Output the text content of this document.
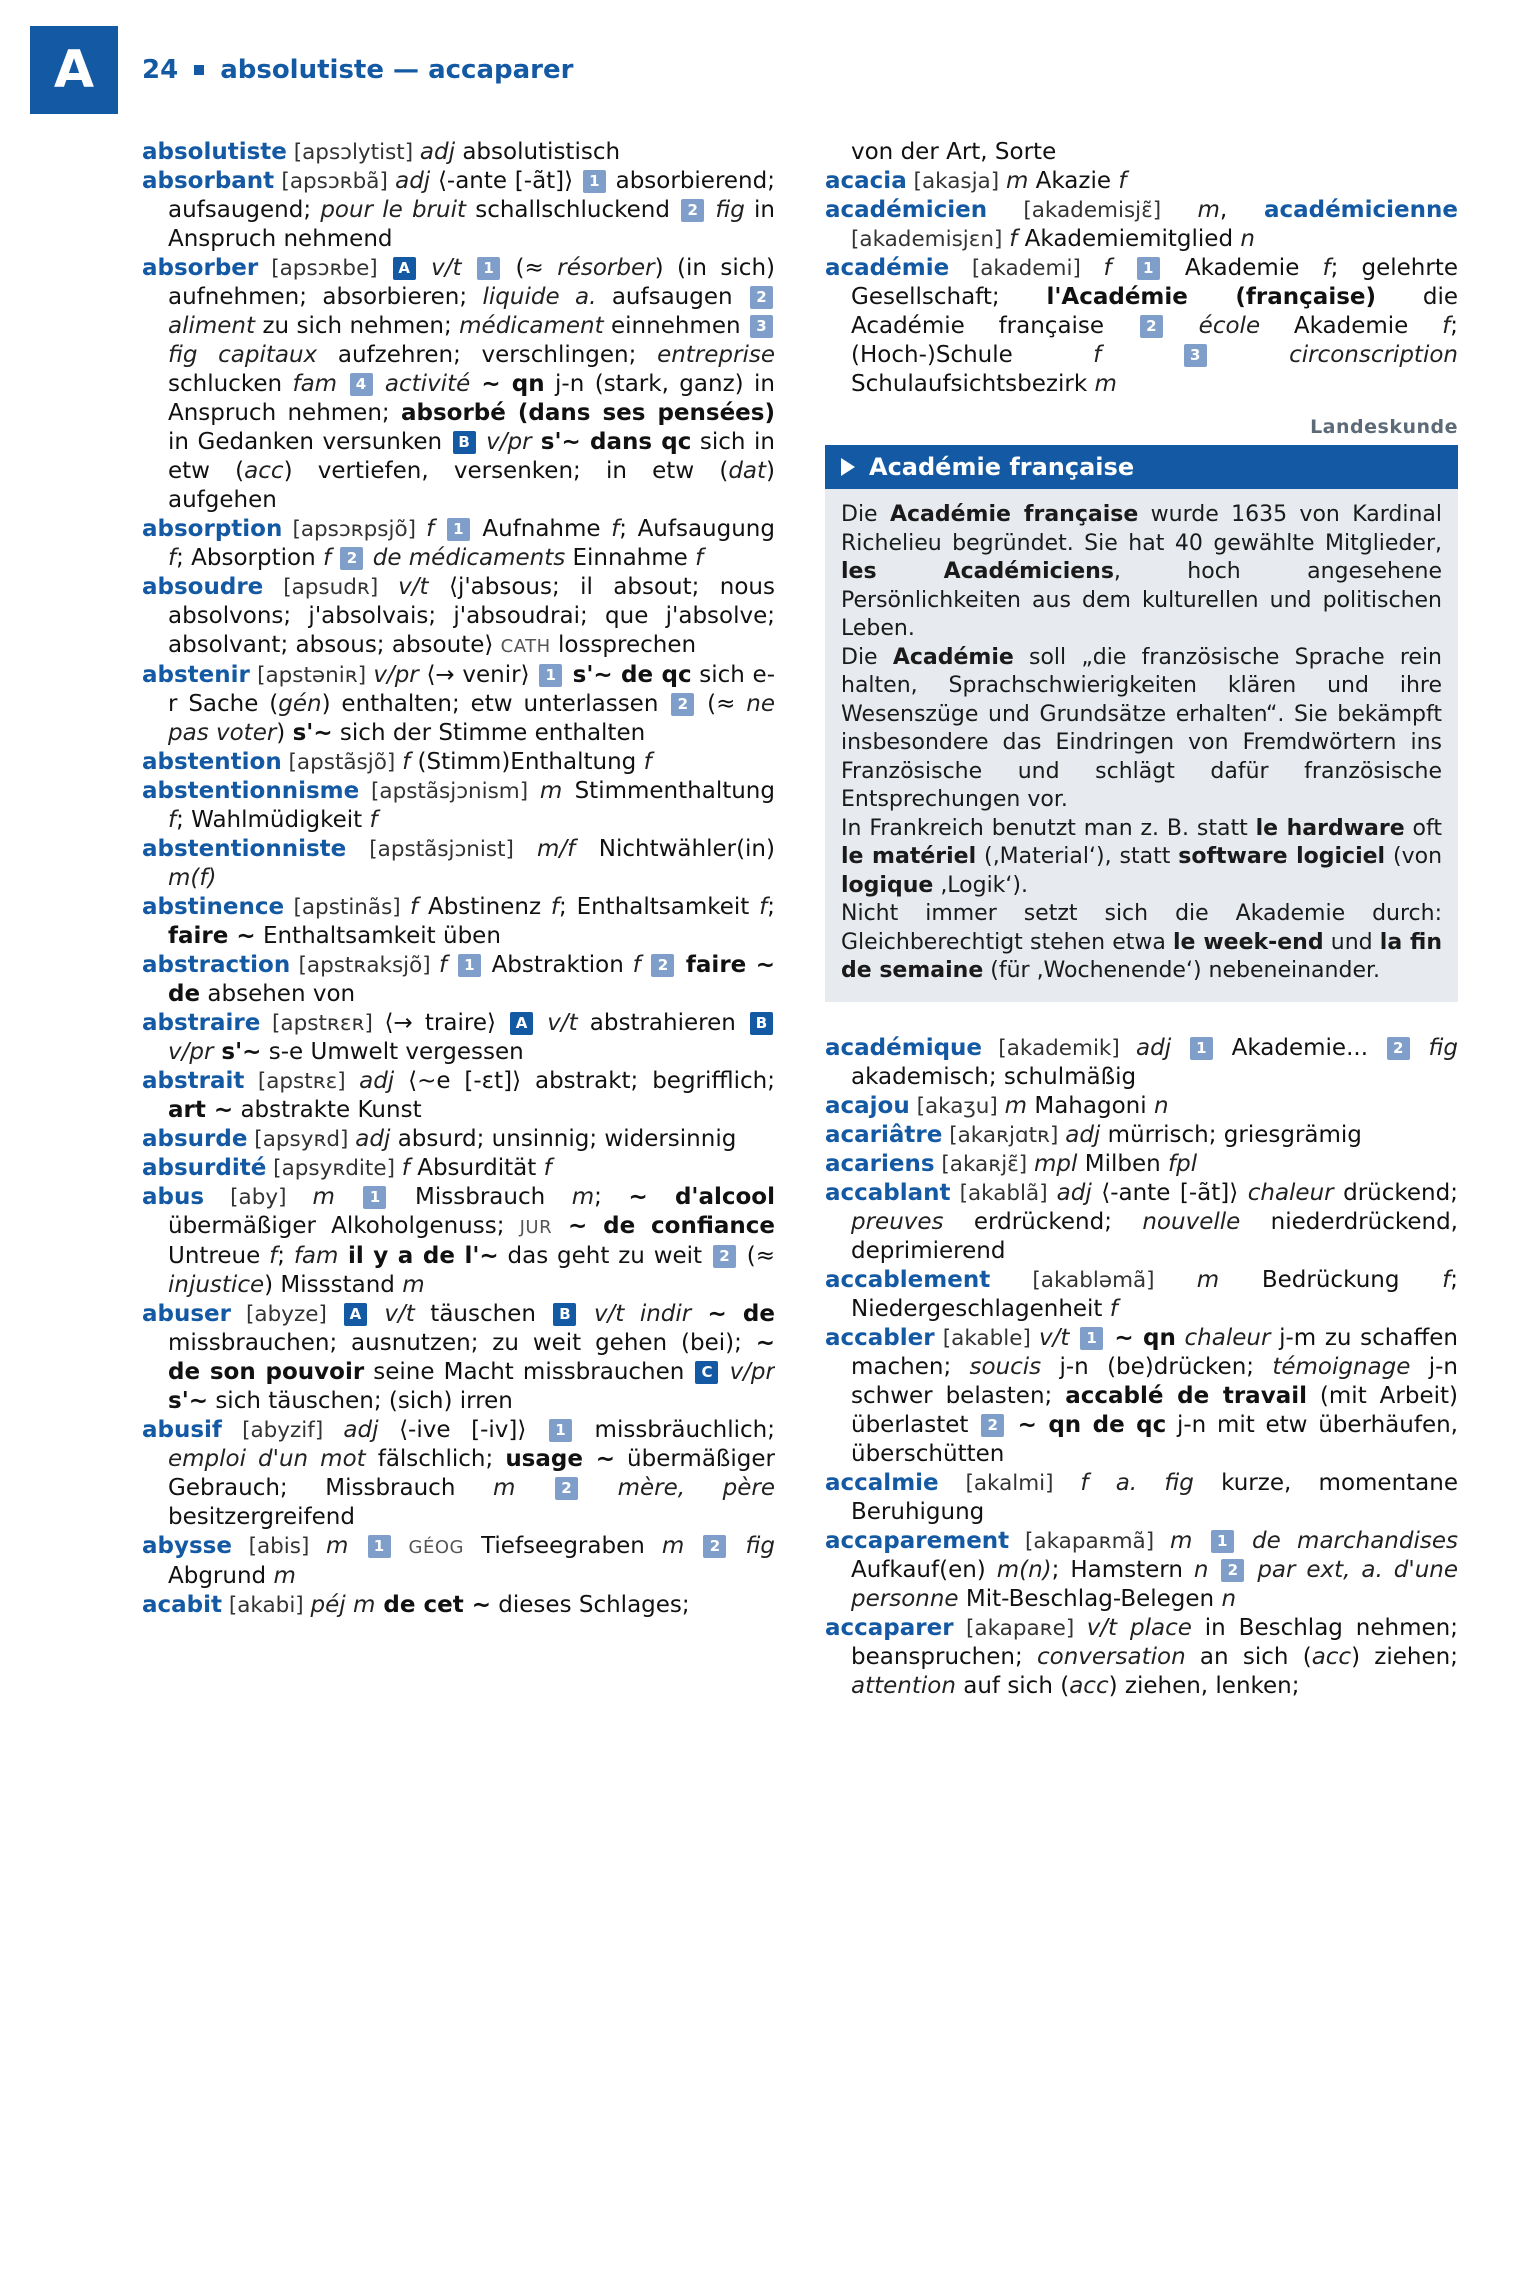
A 24 absolutiste — accaparer

absolutiste [apsɔlytist] adj absolutistisch

absorbant [apsɔʀbã] adj ⟨-ante [-ãt]⟩ 1 absorbierend; aufsaugend; pour le bruit schallschluckend 2 fig in Anspruch nehmend

absorber [apsɔʀbe] A v/t 1 (≈ résorber) (in sich) aufnehmen; absorbieren; liquide a. aufsaugen 2 aliment zu sich nehmen; médicament einnehmen 3 fig capitaux aufzehren; verschlingen; entreprise schlucken fam 4 activité ~ qn j-n (stark, ganz) in Anspruch nehmen; absorbé (dans ses pensées) in Gedanken versunken B v/pr s'~ dans qc sich in etw (acc) vertiefen, versenken; in etw (dat) aufgehen

absorption [apsɔʀpsjõ] f 1 Aufnahme f; Aufsaugung f; Absorption f 2 de médicaments Einnahme f

absoudre [apsudʀ] v/t ⟨j'absous; il absout; nous absolvons; j'absolvais; j'absoudrai; que j'absolve; absolvant; absous; absoute⟩ CATH lossprechen

abstenir [apstəniʀ] v/pr ⟨→ venir⟩ 1 s'~ de qc sich e-r Sache (gén) enthalten; etw unterlassen 2 (≈ ne pas voter) s'~ sich der Stimme enthalten

abstention [apstãsjõ] f (Stimm)Enthaltung f

abstentionnisme [apstãsjɔnism] m Stimmenthaltung f; Wahlmüdigkeit f

abstentionniste [apstãsjɔnist] m/f Nichtwähler(in) m(f)

abstinence [apstinãs] f Abstinenz f; Enthaltsamkeit f; faire ~ Enthaltsamkeit üben

abstraction [apstʀaksjõ] f 1 Abstraktion f 2 faire ~ de absehen von

abstraire [apstʀɛʀ] ⟨→ traire⟩ A v/t abstrahieren B v/pr s'~ s-e Umwelt vergessen

abstrait [apstʀɛ] adj ⟨~e [-ɛt]⟩ abstrakt; begrifflich; art ~ abstrakte Kunst

absurde [apsyʀd] adj absurd; unsinnig; widersinnig

absurdité [apsyʀdite] f Absurdität f

abus [aby] m 1 Missbrauch m; ~ d'alcool übermäßiger Alkoholgenuss; JUR ~ de confiance Untreue f; fam il y a de l'~ das geht zu weit 2 (≈ injustice) Missstand m

abuser [abyze] A v/t täuschen B v/t indir ~ de missbrauchen; ausnutzen; zu weit gehen (bei); ~ de son pouvoir seine Macht missbrauchen C v/pr s'~ sich täuschen; (sich) irren

abusif [abyzif] adj ⟨-ive [-iv]⟩ 1 missbräuchlich; emploi d'un mot fälschlich; usage ~ übermäßiger Gebrauch; Missbrauch m 2 mère, père besitzergreifend

abysse [abis] m 1 GÉOG Tiefseegraben m 2 fig Abgrund m

acabit [akabi] péj m de cet ~ dieses Schlages;

von der Art, Sorte

acacia [akasja] m Akazie f

académicien [akademisjɛ̃] m, académicienne [akademisjɛn] f Akademiemitglied n

académie [akademi] f 1 Akademie f; gelehrte Gesellschaft; l'Académie (française) die Académie française 2 école Akademie f; (Hoch-)Schule f 3 circonscription Schulaufsichtsbezirk m

Landeskunde
Académie française

Die Académie française wurde 1635 von Kardinal Richelieu begründet. Sie hat 40 gewählte Mitglieder, les Académiciens, hoch angesehene Persönlichkeiten aus dem kulturellen und politischen Leben.

Die Académie soll „die französische Sprache rein halten, Sprachschwierigkeiten klären und ihre Wesenszüge und Grundsätze erhalten“. Sie bekämpft insbesondere das Eindringen von Fremdwörtern ins Französische und schlägt dafür französische Entsprechungen vor.

In Frankreich benutzt man z. B. statt le hardware oft le matériel (‚Material‘), statt software logiciel (von logique ‚Logik‘).

Nicht immer setzt sich die Akademie durch: Gleichberechtigt stehen etwa le week-end und la fin de semaine (für ‚Wochenende‘) nebeneinander.

académique [akademik] adj 1 Akademie... 2 fig akademisch; schulmäßig

acajou [akaʒu] m Mahagoni n

acariâtre [akaʀjɑtʀ] adj mürrisch; griesgrämig

acariens [akaʀjɛ̃] mpl Milben fpl

accablant [akablã] adj ⟨-ante [-ãt]⟩ chaleur drückend; preuves erdrückend; nouvelle niederdrückend, deprimierend

accablement [akabləmã] m Bedrückung f; Niedergeschlagenheit f

accabler [akable] v/t 1 ~ qn chaleur j-m zu schaffen machen; soucis j-n (be)drücken; témoignage j-n schwer belasten; accablé de travail (mit Arbeit) überlastet 2 ~ qn de qc j-n mit etw überhäufen, überschütten

accalmie [akalmi] f a. fig kurze, momentane Beruhigung

accaparement [akapaʀmã] m 1 de marchandises Aufkauf(en) m(n); Hamstern n 2 par ext, a. d'une personne Mit-Beschlag-Belegen n

accaparer [akapaʀe] v/t place in Beschlag nehmen; beanspruchen; conversation an sich (acc) ziehen; attention auf sich (acc) ziehen, lenken;
